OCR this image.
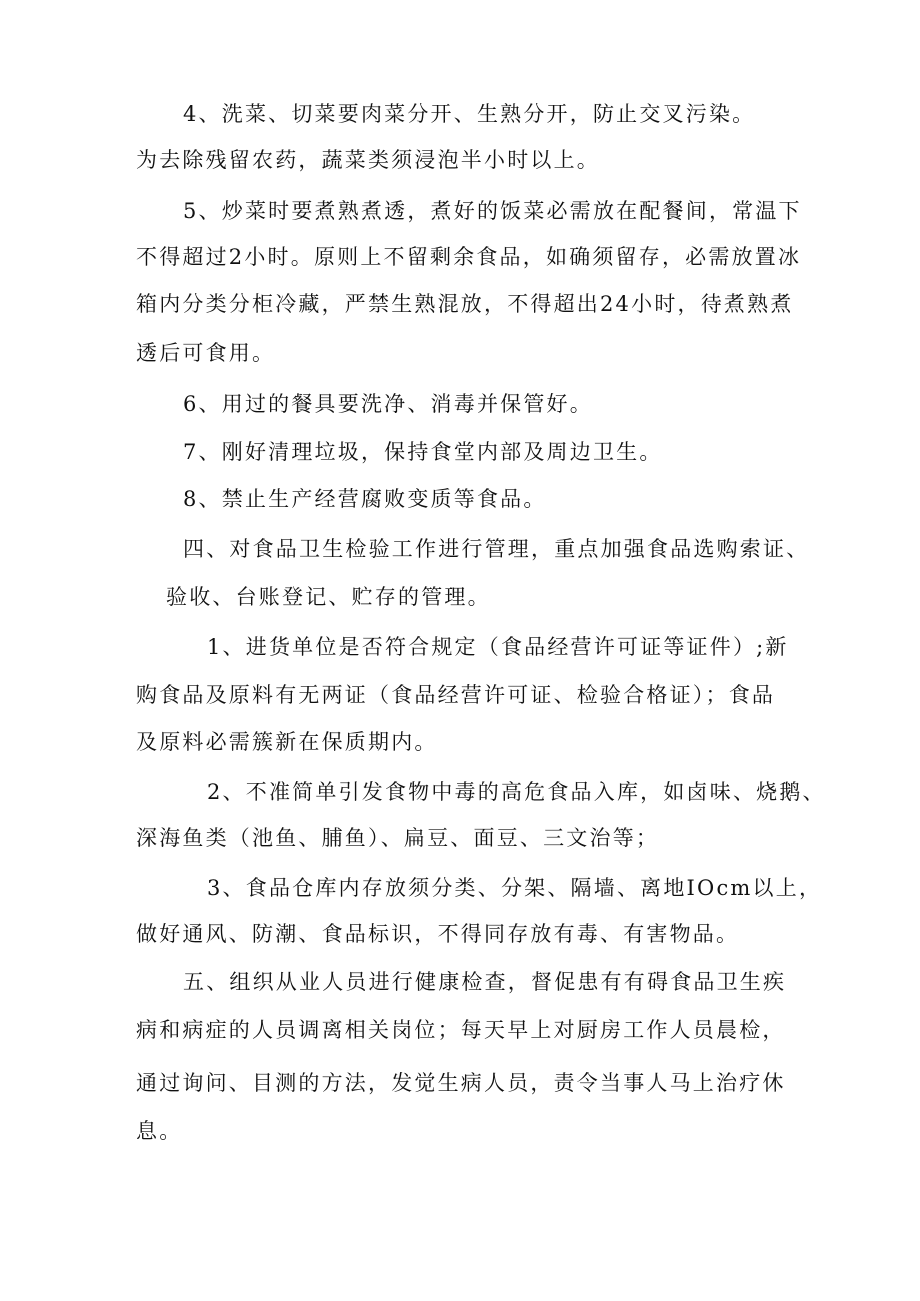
4、洗菜、切菜要肉菜分开、生熟分开，防止交叉污染。
为去除残留农药，蔬菜类须浸泡半小时以上。
5、炒菜时要煮熟煮透，煮好的饭菜必需放在配餐间，常温下
不得超过2小时。原则上不留剩余食品，如确须留存，必需放置冰
箱内分类分柜冷藏，严禁生熟混放，不得超出24小时，待煮熟煮
透后可食用。
6、用过的餐具要洗净、消毒并保管好。
7、刚好清理垃圾，保持食堂内部及周边卫生。
8、禁止生产经营腐败变质等食品。
四、对食品卫生检验工作进行管理，重点加强食品选购索证、
验收、台账登记、贮存的管理。
1、进货单位是否符合规定（食品经营许可证等证件）;新
购食品及原料有无两证（食品经营许可证、检验合格证）；食品
及原料必需簇新在保质期内。
2、不准简单引发食物中毒的高危食品入库，如卤味、烧鹅、
深海鱼类（池鱼、脯鱼）、扁豆、面豆、三文治等；
3、食品仓库内存放须分类、分架、隔墙、离地IOcm以上，
做好通风、防潮、食品标识，不得同存放有毒、有害物品。
五、组织从业人员进行健康检查，督促患有有碍食品卫生疾
病和病症的人员调离相关岗位；每天早上对厨房工作人员晨检，
通过询问、目测的方法，发觉生病人员，责令当事人马上治疗休
息。
